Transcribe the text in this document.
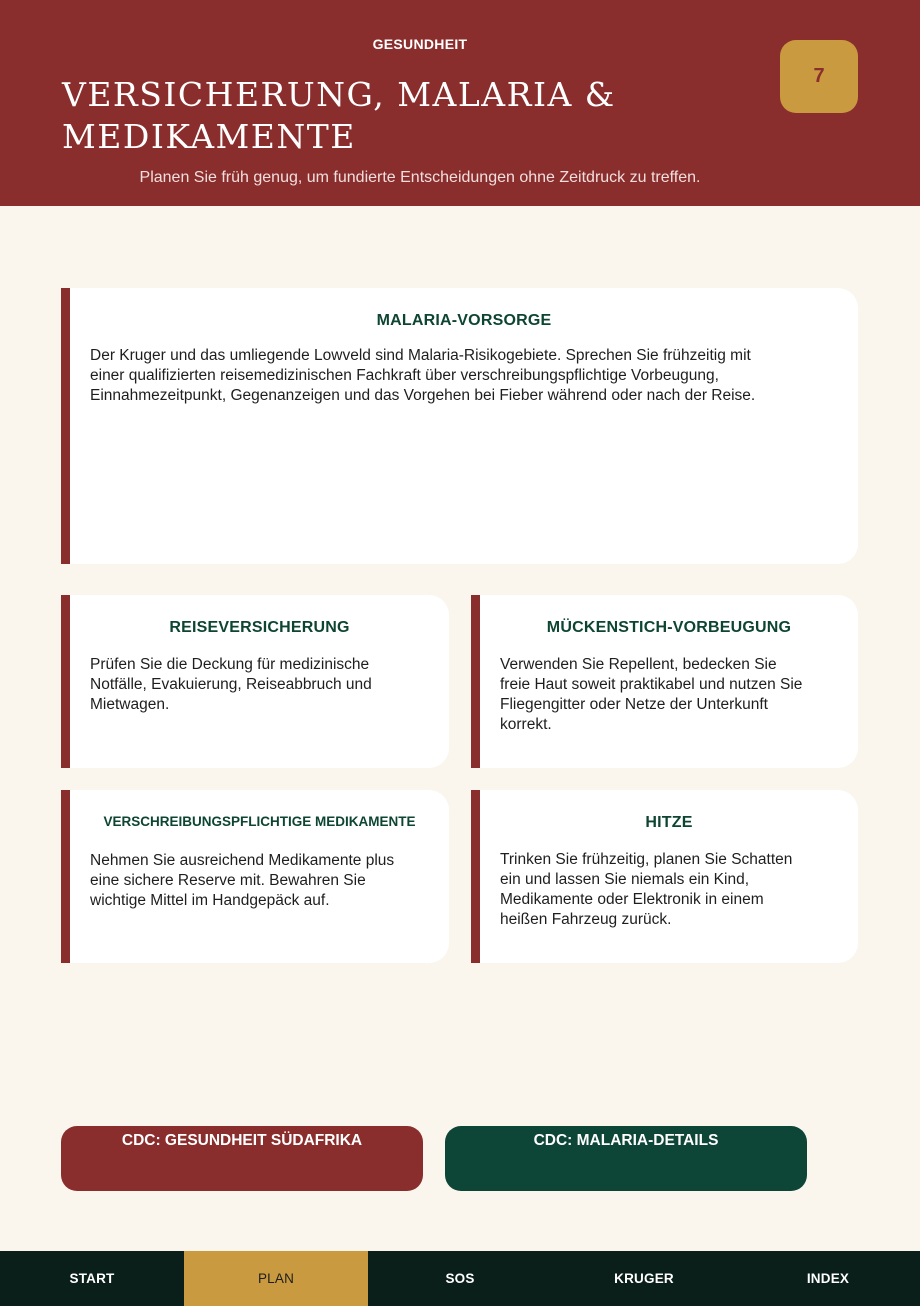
GESUNDHEIT
VERSICHERUNG, MALARIA & MEDIKAMENTE
Planen Sie früh genug, um fundierte Entscheidungen ohne Zeitdruck zu treffen.
7
MALARIA-VORSORGE

Der Kruger und das umliegende Lowveld sind Malaria-Risikogebiete. Sprechen Sie frühzeitig mit einer qualifizierten reisemedizinischen Fachkraft über verschreibungspflichtige Vorbeugung, Einnahmezeitpunkt, Gegenanzeigen und das Vorgehen bei Fieber während oder nach der Reise.

REISEVERSICHERUNG

Prüfen Sie die Deckung für medizinische Notfälle, Evakuierung, Reiseabbruch und Mietwagen.

MÜCKENSTICH-VORBEUGUNG

Verwenden Sie Repellent, bedecken Sie freie Haut soweit praktikabel und nutzen Sie Fliegengitter oder Netze der Unterkunft korrekt.

VERSCHREIBUNGSPFLICHTIGE MEDIKAMENTE

Nehmen Sie ausreichend Medikamente plus eine sichere Reserve mit. Bewahren Sie wichtige Mittel im Handgepäck auf.

HITZE

Trinken Sie frühzeitig, planen Sie Schatten ein und lassen Sie niemals ein Kind, Medikamente oder Elektronik in einem heißen Fahrzeug zurück.

CDC: GESUNDHEIT SÜDAFRIKA	CDC: MALARIA-DETAILS
START	PLAN	SOS	KRUGER	INDEX
